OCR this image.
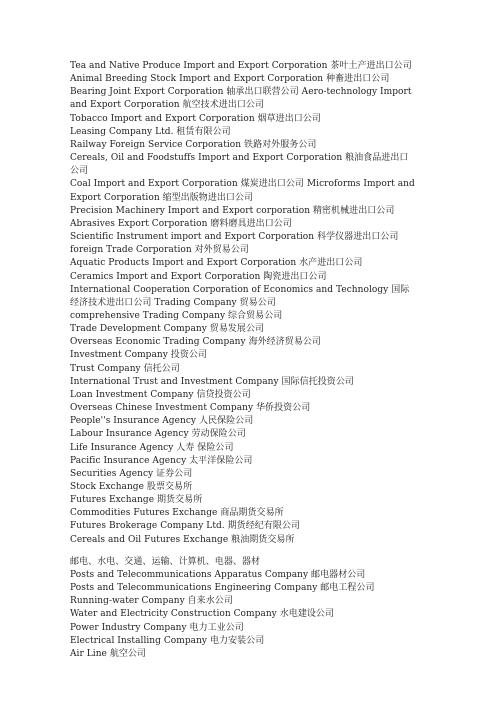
Tea and Native Produce Import and Export Corporation 茶叶土产进出口公司
Animal Breeding Stock Import and Export Corporation 种畜进出口公司
Bearing Joint Export Corporation 轴承出口联营公司 Aero-technology Import and Export Corporation 航空技术进出口公司
Tobacco Import and Export Corporation 烟草进出口公司
Leasing Company Ltd. 租赁有限公司
Railway Foreign Service Corporation 铁路对外服务公司
Cereals, Oil and Foodstuffs Import and Export Corporation 粮油食品进出口公司
Coal Import and Export Corporation 煤炭进出口公司 Microforms Import and Export Corporation 缩型出版物进出口公司
Precision Machinery Import and Export corporation 精密机械进出口公司
Abrasives Export Corporation 磨料磨具进出口公司
Scientific Instrument import and Export Corporation 科学仪器进出口公司
foreign Trade Corporation 对外贸易公司
Aquatic Products Import and Export Corporation 水产进出口公司
Ceramics Import and Export Corporation 陶瓷进出口公司
International Cooperation Corporation of Economics and Technology 国际经济技术进出口公司 Trading Company 贸易公司
comprehensive Trading Company 综合贸易公司
Trade Development Company 贸易发展公司
Overseas Economic Trading Company 海外经济贸易公司
Investment Company 投资公司
Trust Company 信托公司
International Trust and Investment Company 国际信托投资公司
Loan Investment Company 信贷投资公司
Overseas Chinese Investment Company 华侨投资公司
People''s Insurance Agency 人民保险公司
Labour Insurance Agency 劳动保险公司
Life Insurance Agency 人寿 保险公司
Pacific Insurance Agency 太平洋保险公司
Securities Agency 证券公司
Stock Exchange 股票交易所
Futures Exchange 期货交易所
Commodities Futures Exchange 商品期货交易所
Futures Brokerage Company Ltd. 期货经纪有限公司
Cereals and Oil Futures Exchange 粮油期货交易所
邮电、水电、交通、运输、计算机、电器、器材
Posts and Telecommunications Apparatus Company 邮电器材公司
Posts and Telecommunications Engineering Company 邮电工程公司 Running-water Company 自来水公司
Water and Electricity Construction Company 水电建设公司
Power Industry Company 电力工业公司
Electrical Installing Company 电力安装公司
Air Line 航空公司
